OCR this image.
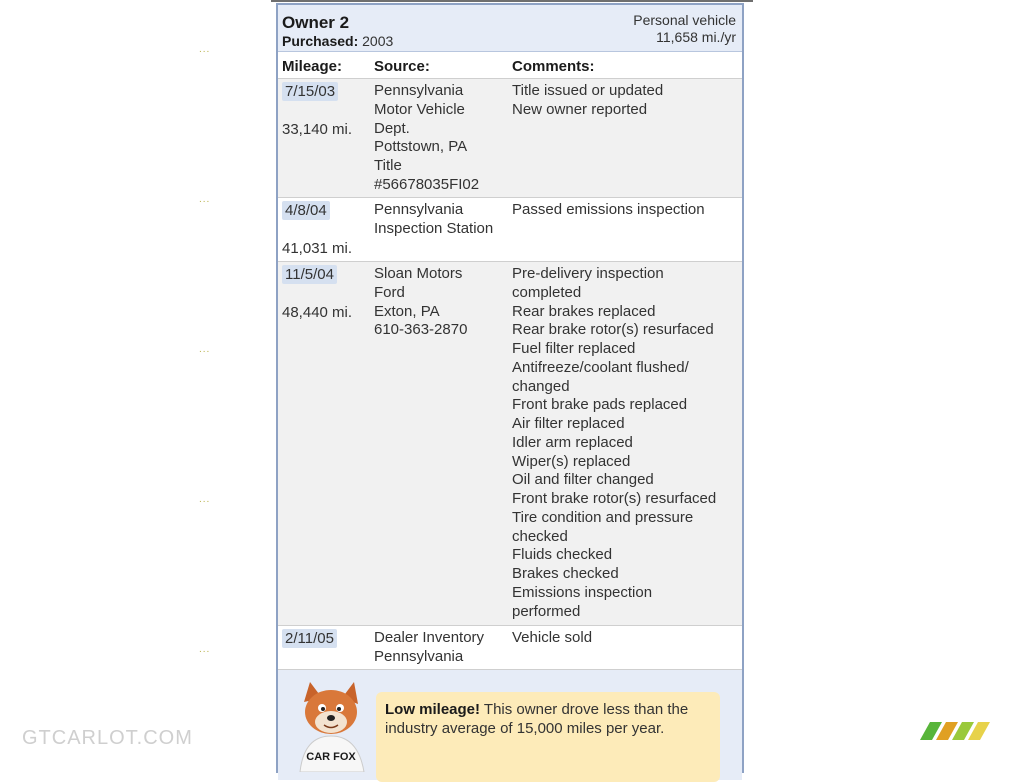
...
...
...
...
...
Owner 2
Purchased: 2003
Personal vehicle
11,658 mi./yr
Mileage: Source:	Comments:
7/15/03
33,140 mi.
Pennsylvania
Motor Vehicle
Dept.
Pottstown, PA
Title
#56678035FI02
Title issued or updated
New owner reported
4/8/04
41,031 mi.
Pennsylvania
Inspection Station
Passed emissions inspection
11/5/04
48,440 mi.
Sloan Motors
Ford
Exton, PA
610-363-2870
Pre-delivery inspection
completed
Rear brakes replaced
Rear brake rotor(s) resurfaced
Fuel filter replaced
Antifreeze/coolant flushed/
changed
Front brake pads replaced
Air filter replaced
Idler arm replaced
Wiper(s) replaced
Oil and filter changed
Front brake rotor(s) resurfaced
Tire condition and pressure
checked
Fluids checked
Brakes checked
Emissions inspection
performed
2/11/05	Dealer Inventory
Pennsylvania
Vehicle sold
CAR FOX
Low mileage! This owner drove less than the industry average of 15,000 miles per year.
GTCARLOT.COM
